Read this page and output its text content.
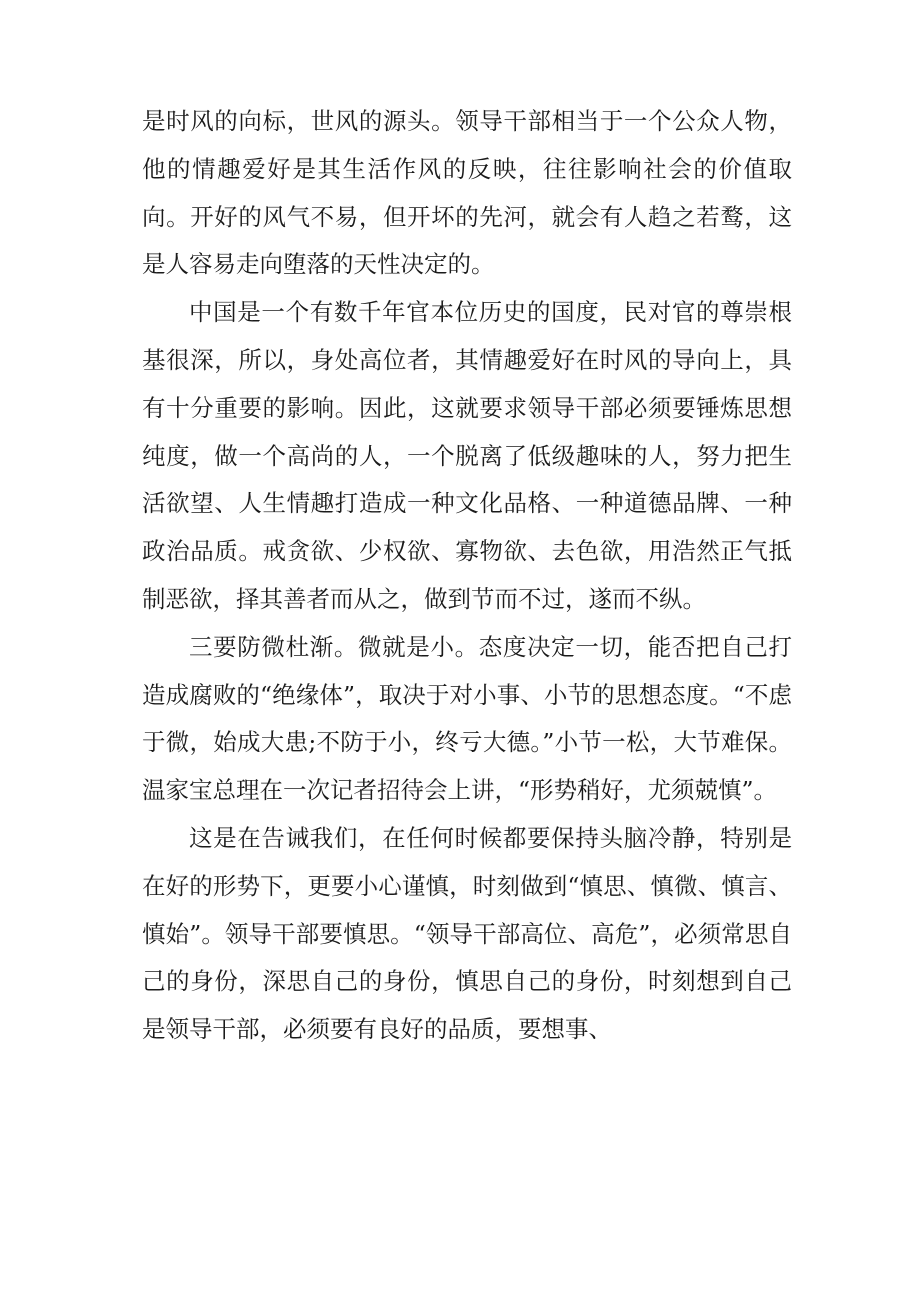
是时风的向标，世风的源头。领导干部相当于一个公众人物，他的情趣爱好是其生活作风的反映，往往影响社会的价值取向。开好的风气不易，但开坏的先河，就会有人趋之若鹜，这是人容易走向堕落的天性决定的。

中国是一个有数千年官本位历史的国度，民对官的尊崇根基很深，所以，身处高位者，其情趣爱好在时风的导向上，具有十分重要的影响。因此，这就要求领导干部必须要锤炼思想纯度，做一个高尚的人，一个脱离了低级趣味的人，努力把生活欲望、人生情趣打造成一种文化品格、一种道德品牌、一种政治品质。戒贪欲、少权欲、寡物欲、去色欲，用浩然正气抵制恶欲，择其善者而从之，做到节而不过，遂而不纵。

三要防微杜渐。微就是小。态度决定一切，能否把自己打造成腐败的“绝缘体”，取决于对小事、小节的思想态度。“不虑于微，始成大患;不防于小，终亏大德。”小节一松，大节难保。温家宝总理在一次记者招待会上讲，“形势稍好，尤须兢慎”。

这是在告诫我们，在任何时候都要保持头脑冷静，特别是在好的形势下，更要小心谨慎，时刻做到“慎思、慎微、慎言、慎始”。领导干部要慎思。“领导干部高位、高危”，必须常思自己的身份，深思自己的身份，慎思自己的身份，时刻想到自己是领导干部，必须要有良好的品质，要想事、
